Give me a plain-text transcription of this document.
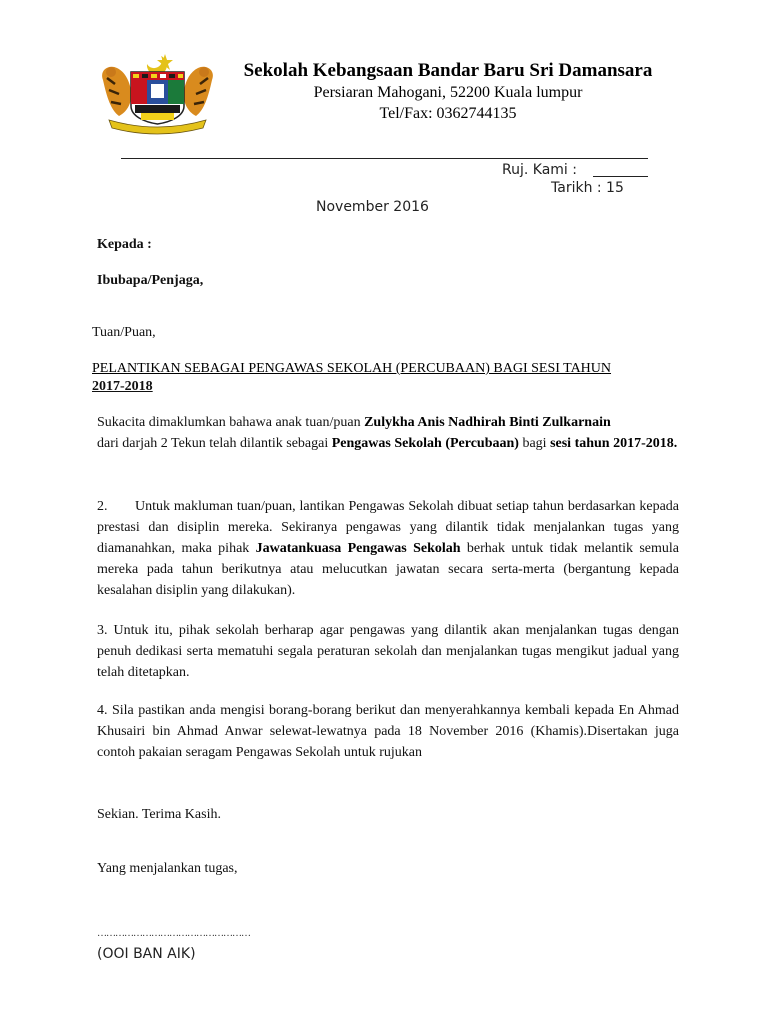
Sekolah Kebangsaan Bandar Baru Sri Damansara
Persiaran Mahogani, 52200 Kuala lumpur
Tel/Fax: 0362744135
Ruj. Kami :
Tarikh : 15
November 2016
Kepada :
Ibubapa/Penjaga,
Tuan/Puan,
PELANTIKAN SEBAGAI PENGAWAS SEKOLAH (PERCUBAAN) BAGI SESI TAHUN
2017-2018
Sukacita dimaklumkan bahawa anak tuan/puan Zulykha Anis Nadhirah Binti Zulkarnain
dari darjah 2 Tekun telah dilantik sebagai Pengawas Sekolah (Percubaan) bagi sesi tahun 2017-2018.
2. Untuk makluman tuan/puan, lantikan Pengawas Sekolah dibuat setiap tahun berdasarkan kepada prestasi dan disiplin mereka. Sekiranya pengawas yang dilantik tidak menjalankan tugas yang diamanahkan, maka pihak Jawatankuasa Pengawas Sekolah berhak untuk tidak melantik semula mereka pada tahun berikutnya atau melucutkan jawatan secara serta-merta (bergantung kepada kesalahan disiplin yang dilakukan).
3. Untuk itu, pihak sekolah berharap agar pengawas yang dilantik akan menjalankan tugas dengan penuh dedikasi serta mematuhi segala peraturan sekolah dan menjalankan tugas mengikut jadual yang telah ditetapkan.
4. Sila pastikan anda mengisi borang-borang berikut dan menyerahkannya kembali kepada En Ahmad Khusairi bin Ahmad Anwar selewat-lewatnya pada 18 November 2016 (Khamis).Disertakan juga contoh pakaian seragam Pengawas Sekolah untuk rujukan
Sekian. Terima Kasih.
Yang menjalankan tugas,
……………………………………………
(OOI BAN AIK)
